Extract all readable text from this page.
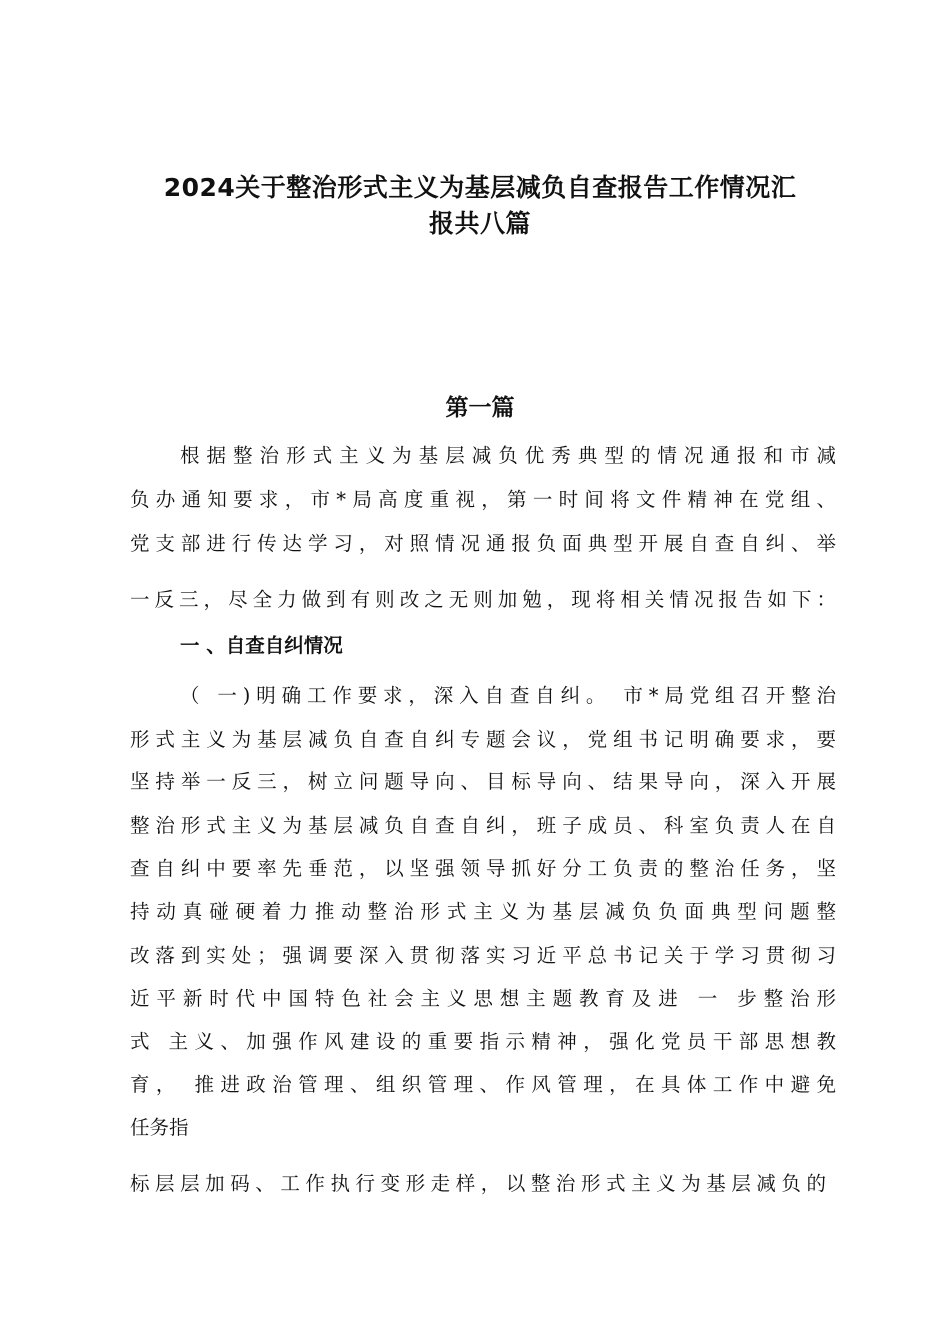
2024关于整治形式主义为基层减负自查报告工作情况汇
报共八篇
第一篇
根据整治形式主义为基层减负优秀典型的情况通报和市减
负办通知要求，市*局高度重视，第一时间将文件精神在党组、
党支部进行传达学习，对照情况通报负面典型开展自查自纠、举
一反三，尽全力做到有则改之无则加勉，现将相关情况报告如下：
一 、自查自纠情况
（ 一)明确工作要求，深入自查自纠。 市*局党组召开整治
形式主义为基层减负自查自纠专题会议，党组书记明确要求，要
坚持举一反三，树立问题导向、目标导向、结果导向，深入开展
整治形式主义为基层减负自查自纠，班子成员、科室负责人在自
查自纠中要率先垂范，以坚强领导抓好分工负责的整治任务，坚
持动真碰硬着力推动整治形式主义为基层减负负面典型问题整
改落到实处；强调要深入贯彻落实习近平总书记关于学习贯彻习
近平新时代中国特色社会主义思想主题教育及进 一 步整治形
式 主义、加强作风建设的重要指示精神，强化党员干部思想教
育， 推进政治管理、组织管理、作风管理，在具体工作中避免
任务指
标层层加码、工作执行变形走样，以整治形式主义为基层减负的
